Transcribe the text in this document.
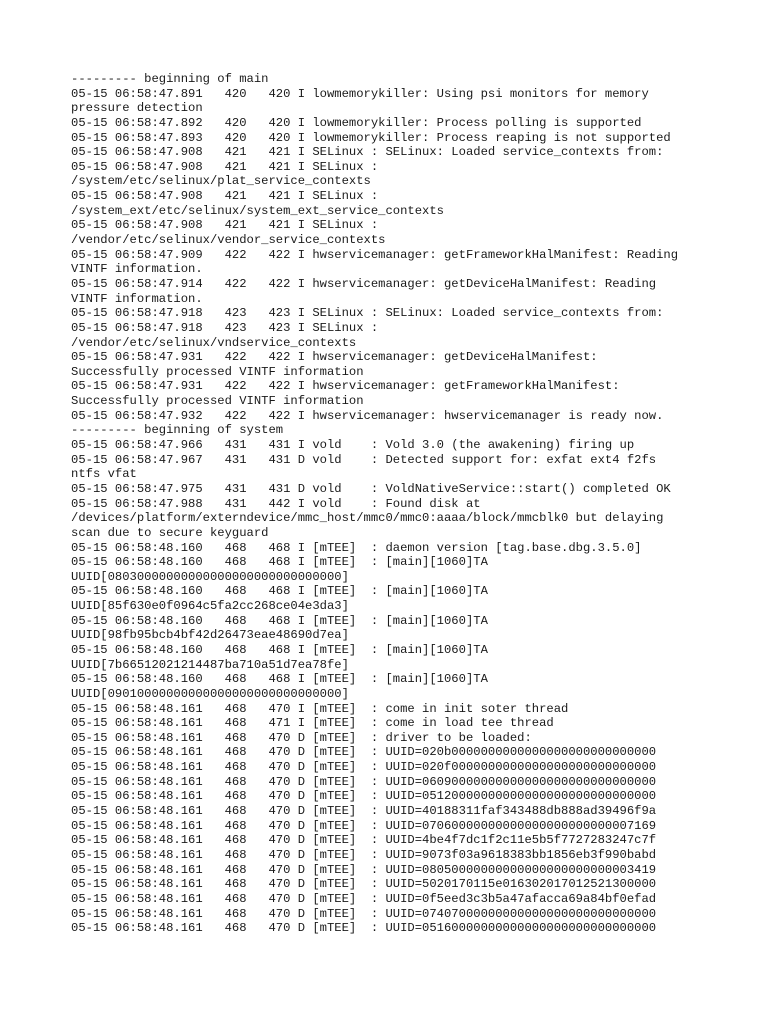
--------- beginning of main
05-15 06:58:47.891   420   420 I lowmemorykiller: Using psi monitors for memory
pressure detection
05-15 06:58:47.892   420   420 I lowmemorykiller: Process polling is supported
05-15 06:58:47.893   420   420 I lowmemorykiller: Process reaping is not supported
05-15 06:58:47.908   421   421 I SELinux : SELinux: Loaded service_contexts from:
05-15 06:58:47.908   421   421 I SELinux :
/system/etc/selinux/plat_service_contexts
05-15 06:58:47.908   421   421 I SELinux :
/system_ext/etc/selinux/system_ext_service_contexts
05-15 06:58:47.908   421   421 I SELinux :
/vendor/etc/selinux/vendor_service_contexts
05-15 06:58:47.909   422   422 I hwservicemanager: getFrameworkHalManifest: Reading
VINTF information.
05-15 06:58:47.914   422   422 I hwservicemanager: getDeviceHalManifest: Reading
VINTF information.
05-15 06:58:47.918   423   423 I SELinux : SELinux: Loaded service_contexts from:
05-15 06:58:47.918   423   423 I SELinux :
/vendor/etc/selinux/vndservice_contexts
05-15 06:58:47.931   422   422 I hwservicemanager: getDeviceHalManifest:
Successfully processed VINTF information
05-15 06:58:47.931   422   422 I hwservicemanager: getFrameworkHalManifest:
Successfully processed VINTF information
05-15 06:58:47.932   422   422 I hwservicemanager: hwservicemanager is ready now.
--------- beginning of system
05-15 06:58:47.966   431   431 I vold    : Vold 3.0 (the awakening) firing up
05-15 06:58:47.967   431   431 D vold    : Detected support for: exfat ext4 f2fs
ntfs vfat
05-15 06:58:47.975   431   431 D vold    : VoldNativeService::start() completed OK
05-15 06:58:47.988   431   442 I vold    : Found disk at
/devices/platform/externdevice/mmc_host/mmc0/mmc0:aaaa/block/mmcblk0 but delaying
scan due to secure keyguard
05-15 06:58:48.160   468   468 I [mTEE]  : daemon version [tag.base.dbg.3.5.0]
05-15 06:58:48.160   468   468 I [mTEE]  : [main][1060]TA
UUID[08030000000000000000000000000000]
05-15 06:58:48.160   468   468 I [mTEE]  : [main][1060]TA
UUID[85f630e0f0964c5fa2cc268ce04e3da3]
05-15 06:58:48.160   468   468 I [mTEE]  : [main][1060]TA
UUID[98fb95bcb4bf42d26473eae48690d7ea]
05-15 06:58:48.160   468   468 I [mTEE]  : [main][1060]TA
UUID[7b66512021214487ba710a51d7ea78fe]
05-15 06:58:48.160   468   468 I [mTEE]  : [main][1060]TA
UUID[09010000000000000000000000000000]
05-15 06:58:48.161   468   470 I [mTEE]  : come in init soter thread
05-15 06:58:48.161   468   471 I [mTEE]  : come in load tee thread
05-15 06:58:48.161   468   470 D [mTEE]  : driver to be loaded:
05-15 06:58:48.161   468   470 D [mTEE]  : UUID=020b0000000000000000000000000000
05-15 06:58:48.161   468   470 D [mTEE]  : UUID=020f0000000000000000000000000000
05-15 06:58:48.161   468   470 D [mTEE]  : UUID=06090000000000000000000000000000
05-15 06:58:48.161   468   470 D [mTEE]  : UUID=05120000000000000000000000000000
05-15 06:58:48.161   468   470 D [mTEE]  : UUID=40188311faf343488db888ad39496f9a
05-15 06:58:48.161   468   470 D [mTEE]  : UUID=07060000000000000000000000007169
05-15 06:58:48.161   468   470 D [mTEE]  : UUID=4be4f7dc1f2c11e5b5f7727283247c7f
05-15 06:58:48.161   468   470 D [mTEE]  : UUID=9073f03a9618383bb1856eb3f990babd
05-15 06:58:48.161   468   470 D [mTEE]  : UUID=08050000000000000000000000003419
05-15 06:58:48.161   468   470 D [mTEE]  : UUID=5020170115e016302017012521300000
05-15 06:58:48.161   468   470 D [mTEE]  : UUID=0f5eed3c3b5a47afacca69a84bf0efad
05-15 06:58:48.161   468   470 D [mTEE]  : UUID=07407000000000000000000000000000
05-15 06:58:48.161   468   470 D [mTEE]  : UUID=05160000000000000000000000000000
